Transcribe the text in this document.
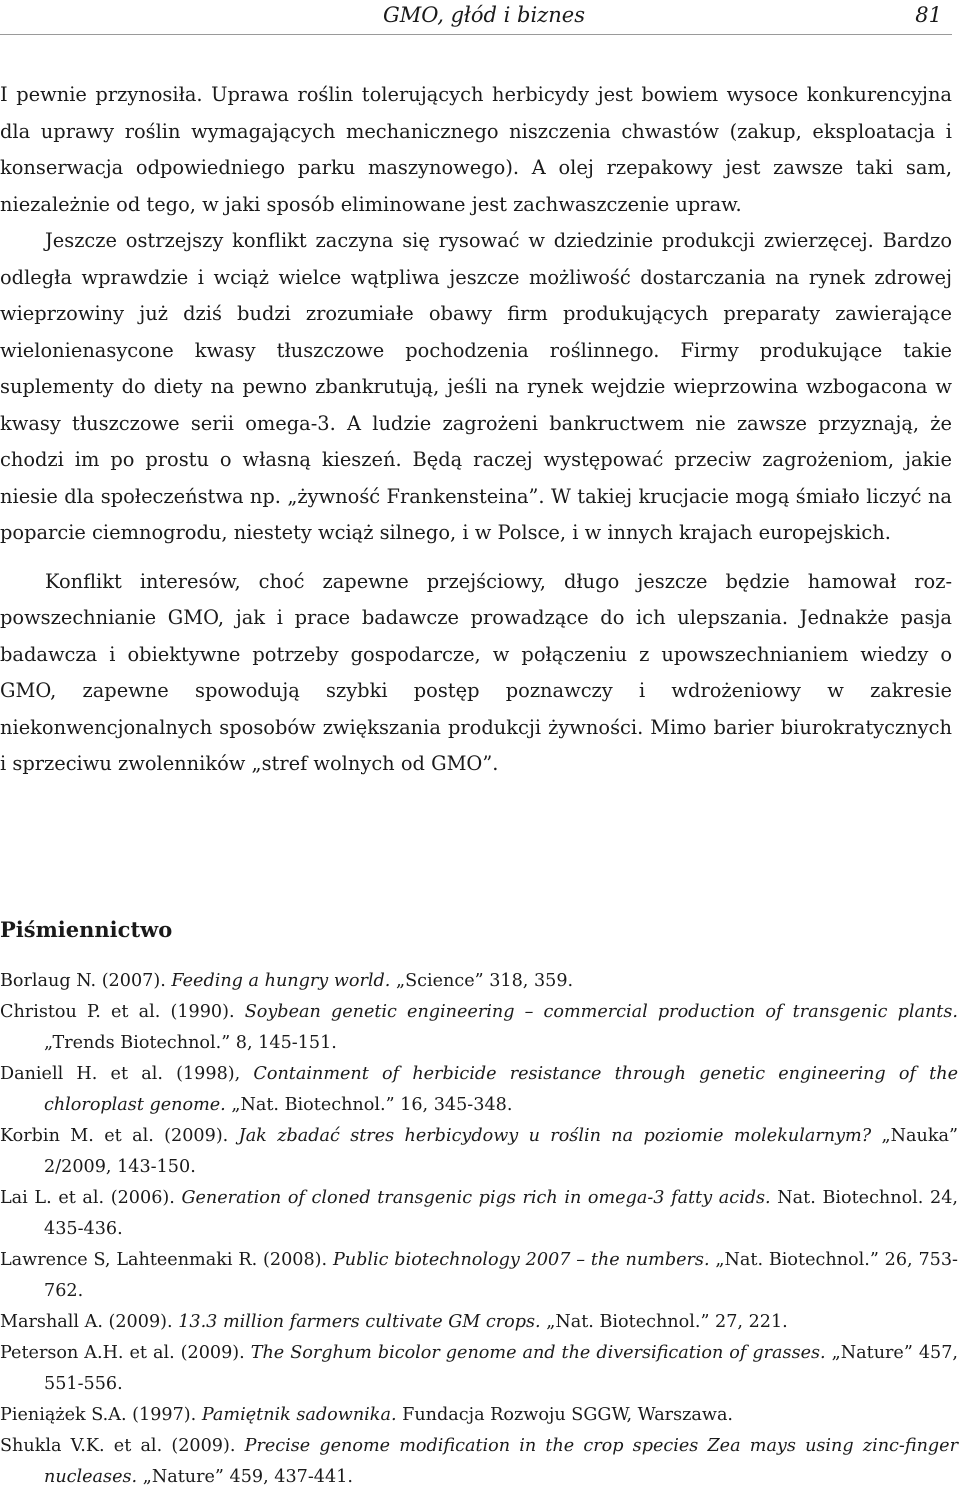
GMO, głód i biznes	81

I pewnie przynosiła. Uprawa roślin tolerujących herbicydy jest bowiem wysoce konkurencyjna dla uprawy roślin wymagających mechanicznego niszczenia chwastów (zakup, eksploatacja i konserwacja odpowiedniego parku maszynowego). A olej rzepakowy jest zawsze taki sam, niezależnie od tego, w jaki sposób eliminowane jest zachwaszczenie upraw.

Jeszcze ostrzejszy konflikt zaczyna się rysować w dziedzinie produkcji zwierzęcej. Bardzo odległa wprawdzie i wciąż wielce wątpliwa jeszcze możliwość dostarczania na rynek zdrowej wieprzowiny już dziś budzi zrozumiałe obawy firm produkujących preparaty zawierające wielonienasycone kwasy tłuszczowe pochodzenia roślinnego. Firmy produkujące takie suplementy do diety na pewno zbankrutują, jeśli na rynek wejdzie wieprzowina wzbogacona w kwasy tłuszczowe serii omega-3. A ludzie zagrożeni bankructwem nie zawsze przyznają, że chodzi im po prostu o własną kieszeń. Będą raczej występować przeciw zagrożeniom, jakie niesie dla społeczeństwa np. „żywność Frankensteina”. W takiej krucjacie mogą śmiało liczyć na poparcie ciemnogrodu, niestety wciąż silnego, i w Polsce, i w innych krajach europejskich.

Konflikt interesów, choć zapewne przejściowy, długo jeszcze będzie hamował rozpowszechnianie GMO, jak i prace badawcze prowadzące do ich ulepszania. Jednakże pasja badawcza i obiektywne potrzeby gospodarcze, w połączeniu z upowszechnianiem wiedzy o GMO, zapewne spowodują szybki postęp poznawczy i wdrożeniowy w zakresie niekonwencjonalnych sposobów zwiększania produkcji żywności. Mimo barier biurokratycznych i sprzeciwu zwolenników „stref wolnych od GMO”.

Piśmiennictwo
Borlaug N. (2007). Feeding a hungry world. „Science” 318, 359.
Christou P. et al. (1990). Soybean genetic engineering – commercial production of transgenic plants. „Trends Biotechnol.” 8, 145-151.
Daniell H. et al. (1998), Containment of herbicide resistance through genetic engineering of the chloroplast genome. „Nat. Biotechnol.” 16, 345-348.
Korbin M. et al. (2009). Jak zbadać stres herbicydowy u roślin na poziomie molekularnym? „Nauka” 2/2009, 143-150.
Lai L. et al. (2006). Generation of cloned transgenic pigs rich in omega-3 fatty acids. Nat. Biotechnol. 24, 435-436.
Lawrence S, Lahteenmaki R. (2008). Public biotechnology 2007 – the numbers. „Nat. Biotechnol.” 26, 753-762.
Marshall A. (2009). 13.3 million farmers cultivate GM crops. „Nat. Biotechnol.” 27, 221.
Peterson A.H. et al. (2009). The Sorghum bicolor genome and the diversification of grasses. „Nature” 457, 551-556.
Pieniążek S.A. (1997). Pamiętnik sadownika. Fundacja Rozwoju SGGW, Warszawa.
Shukla V.K. et al. (2009). Precise genome modification in the crop species Zea mays using zinc-finger nucleases. „Nature” 459, 437-441.
